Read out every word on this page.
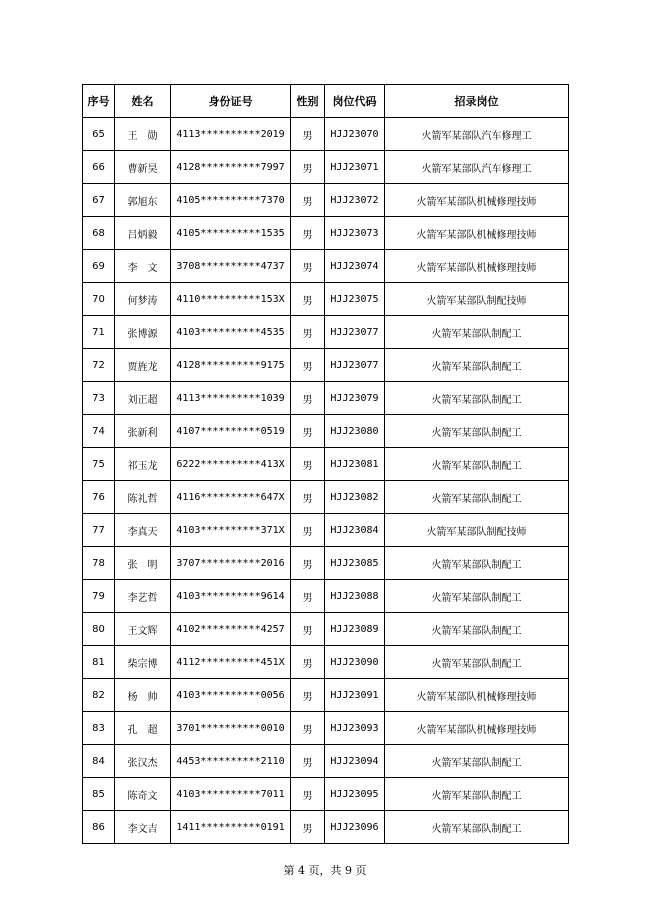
序号	姓名	身份证号	性别	岗位代码	招录岗位
65	王　勋	4113**********2019	男	HJJ23070	火箭军某部队汽车修理工
66	曹新昊	4128**********7997	男	HJJ23071	火箭军某部队汽车修理工
67	郭旭东	4105**********7370	男	HJJ23072	火箭军某部队机械修理技师
68	吕炳毅	4105**********1535	男	HJJ23073	火箭军某部队机械修理技师
69	李　文	3708**********4737	男	HJJ23074	火箭军某部队机械修理技师
70	何梦涛	4110**********153X	男	HJJ23075	火箭军某部队制配技师
71	张博源	4103**********4535	男	HJJ23077	火箭军某部队制配工
72	贾旌龙	4128**********9175	男	HJJ23077	火箭军某部队制配工
73	刘正超	4113**********1039	男	HJJ23079	火箭军某部队制配工
74	张新利	4107**********0519	男	HJJ23080	火箭军某部队制配工
75	祁玉龙	6222**********413X	男	HJJ23081	火箭军某部队制配工
76	陈礼哲	4116**********647X	男	HJJ23082	火箭军某部队制配工
77	李真天	4103**********371X	男	HJJ23084	火箭军某部队制配技师
78	张　明	3707**********2016	男	HJJ23085	火箭军某部队制配工
79	李艺哲	4103**********9614	男	HJJ23088	火箭军某部队制配工
80	王文辉	4102**********4257	男	HJJ23089	火箭军某部队制配工
81	柴宗博	4112**********451X	男	HJJ23090	火箭军某部队制配工
82	杨　帅	4103**********0056	男	HJJ23091	火箭军某部队机械修理技师
83	孔　超	3701**********0010	男	HJJ23093	火箭军某部队机械修理技师
84	张汉杰	4453**********2110	男	HJJ23094	火箭军某部队制配工
85	陈奇文	4103**********7011	男	HJJ23095	火箭军某部队制配工
86	李文吉	1411**********0191	男	HJJ23096	火箭军某部队制配工
第 4 页，共 9 页
